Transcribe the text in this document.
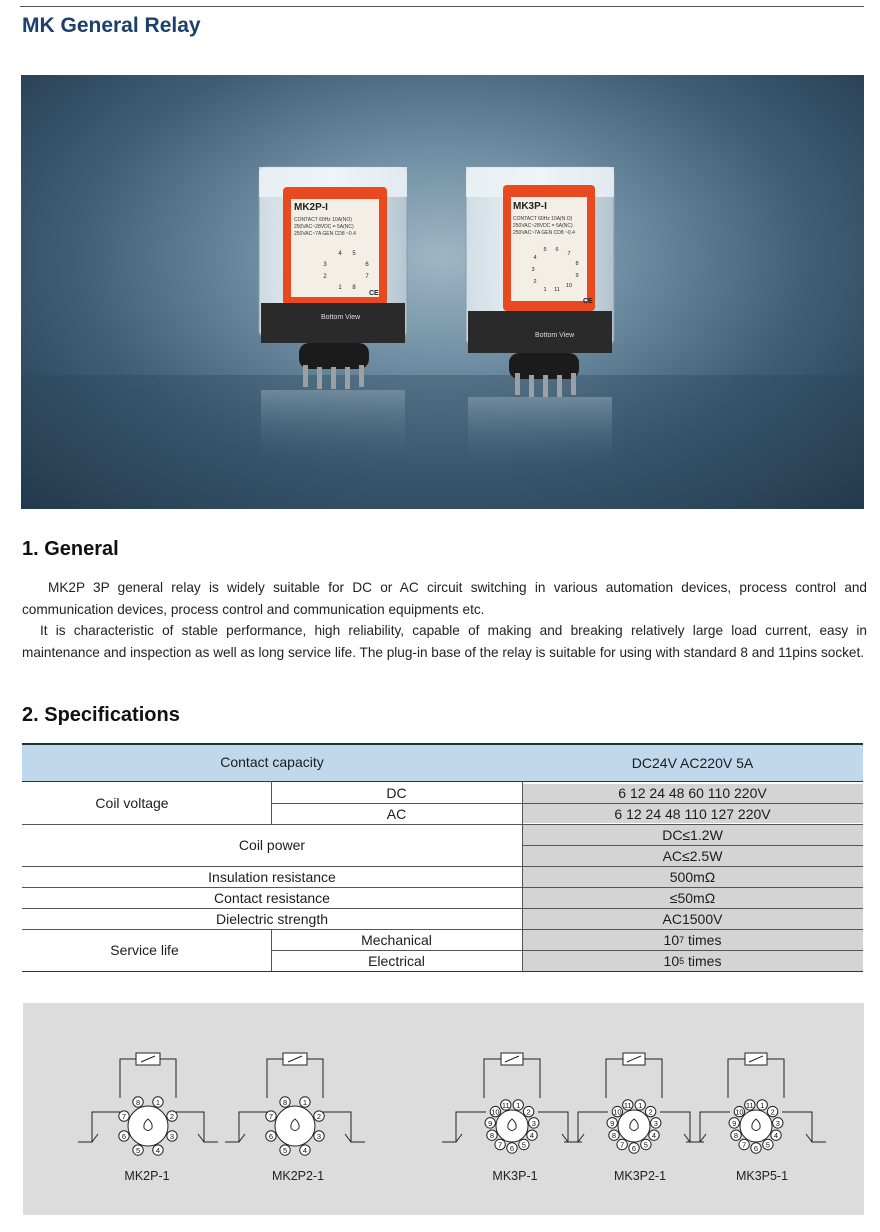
MK General Relay
MK2P-I
CONTACT 60Hz 10A(NO)
250VAC~28VDC = 5A(NC)
250VAC~7A GEN CD8 ~0.4
4 5
3	6
2	7
1 8
Bottom View
CE
MK3P-I
CONTACT 60Hz 10A(N.O)
250VAC~28VDC = 5A(NC)
250VAC~7A GEN CD8 ~0.4
5 6
7
4
8
3
9
2
10
1 11
Bottom View
CE
1. General

MK2P 3P general relay is widely suitable for DC or AC circuit switching in various automation devices, process control and communication devices, process control and communication equipments etc.

It is characteristic of stable performance, high reliability, capable of making and breaking relatively large load current, easy in maintenance and inspection as well as long service life. The plug-in base of the relay is suitable for using with standard 8 and 11pins socket.

2. Specifications
Contact capacity	DC24V AC220V 5A
Coil voltage
DC	6 12 24 48 60 110 220V
AC	6 12 24 48 110 127 220V
Coil power
DC≤1.2W
AC≤2.5W
Insulation resistance	500mΩ
Contact resistance	≤50mΩ
Dielectric strength	AC1500V
Service life
Mechanical	10 7 times
Electrical	10 5 times
1
2
3
4
5
6
7
8	1
2
3
4
5
6
7
8	1
2
3
4
5
6
7
8
9
10
11	1
2
3
4
5
6
7
8
9
10
11	1
2
3
4
5
6
7
8
9
10
11
MK2P-1	MK2P2-1	MK3P-1	MK3P2-1	MK3P5-1
